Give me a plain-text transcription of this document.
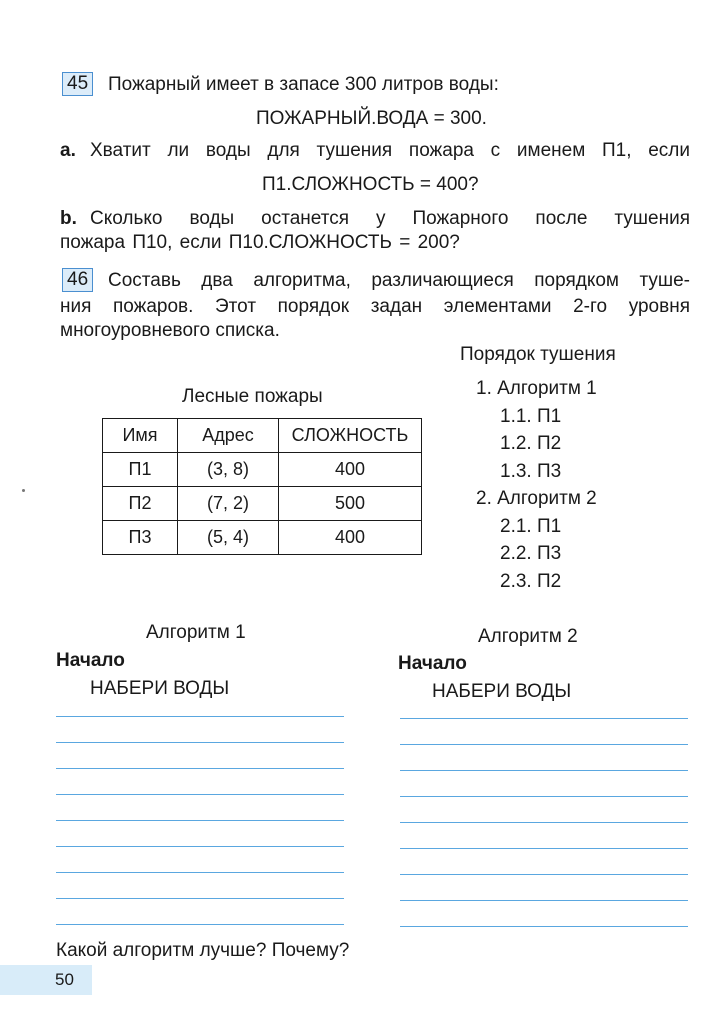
45 Пожарный имеет в запасе 300 литров воды:
ПОЖАРНЫЙ.ВОДА = 300.
a. Хватит ли воды для тушения пожара с именем П1, если
П1.СЛОЖНОСТЬ = 400?
b. Сколько воды останется у Пожарного после тушения
пожара П10, если П10.СЛОЖНОСТЬ = 200?
46 Составь два алгоритма, различающиеся порядком туше-
ния пожаров. Этот порядок задан элементами 2-го уровня
многоуровневого списка.
Лесные пожары
Имя	Адрес	СЛОЖНОСТЬ
П1	(3, 8)	400
П2	(7, 2)	500
П3	(5, 4)	400
Порядок тушения
1. Алгоритм 1
1.1. П1
1.2. П2
1.3. П3
2. Алгоритм 2
2.1. П1
2.2. П3
2.3. П2
Алгоритм 1
Начало
НАБЕРИ ВОДЫ
Алгоритм 2
Начало
НАБЕРИ ВОДЫ
Какой алгоритм лучше? Почему?
50
